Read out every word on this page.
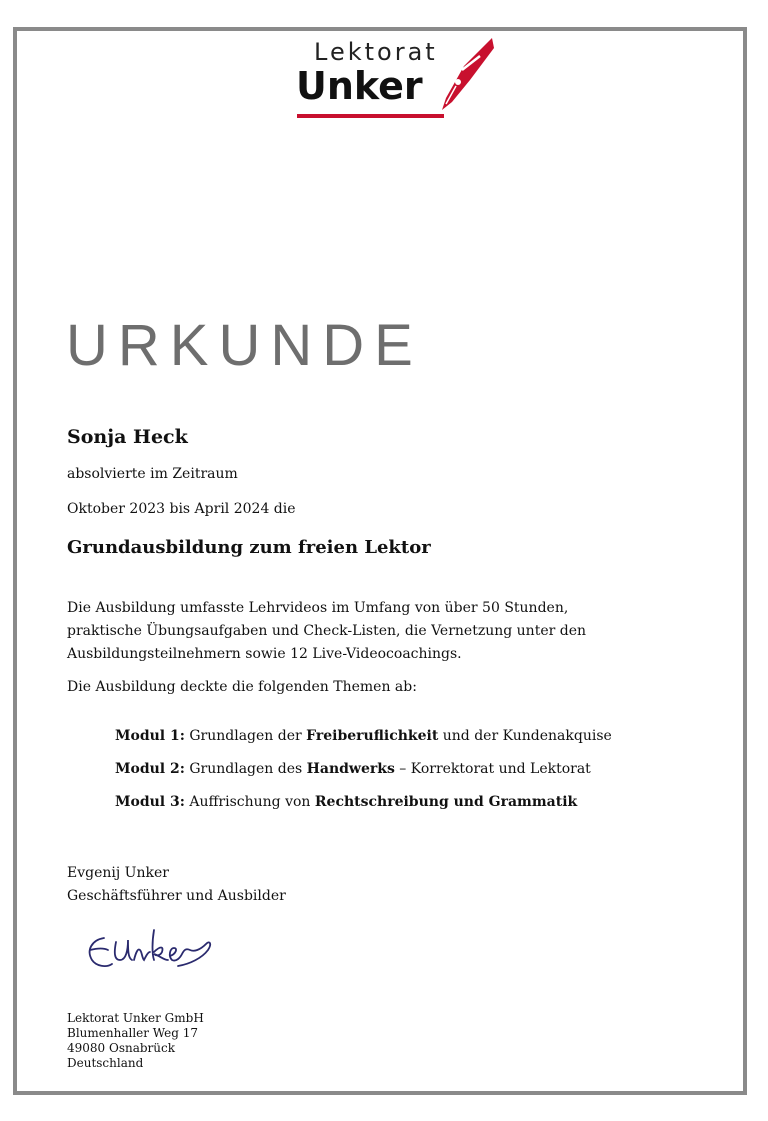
Lektorat
Unker
URKUNDE
Sonja Heck
absolvierte im Zeitraum
Oktober 2023 bis April 2024 die
Grundausbildung zum freien Lektor
Die Ausbildung umfasste Lehrvideos im Umfang von über 50 Stunden,
praktische Übungsaufgaben und Check-Listen, die Vernetzung unter den
Ausbildungsteilnehmern sowie 12 Live-Videocoachings.
Die Ausbildung deckte die folgenden Themen ab:
Modul 1: Grundlagen der Freiberuflichkeit und der Kundenakquise
Modul 2: Grundlagen des Handwerks – Korrektorat und Lektorat
Modul 3: Auffrischung von Rechtschreibung und Grammatik
Evgenij Unker
Geschäftsführer und Ausbilder
Lektorat Unker GmbH
Blumenhaller Weg 17
49080 Osnabrück
Deutschland
